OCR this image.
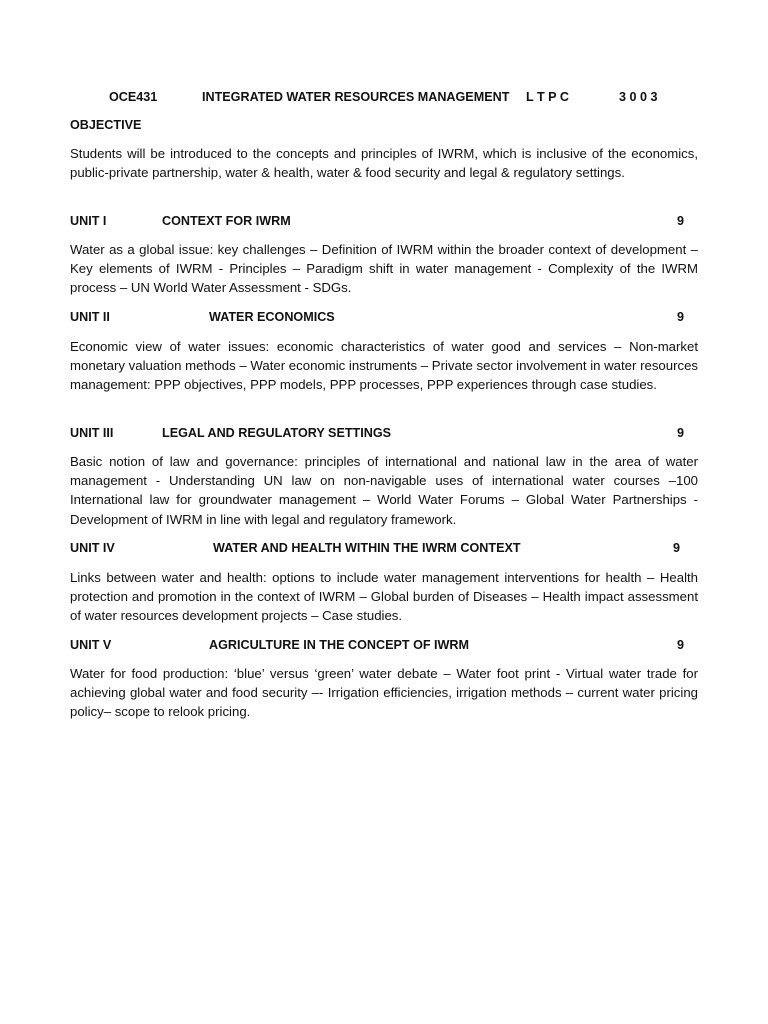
OCE431	INTEGRATED WATER RESOURCES MANAGEMENT L T P C	3 0 0 3
OBJECTIVE

Students will be introduced to the concepts and principles of IWRM, which is inclusive of the economics, public-private partnership, water & health, water & food security and legal & regulatory settings.

UNIT I	CONTEXT FOR IWRM	9

Water as a global issue: key challenges – Definition of IWRM within the broader context of development – Key elements of IWRM - Principles – Paradigm shift in water management - Complexity of the IWRM process – UN World Water Assessment - SDGs.

UNIT II	WATER ECONOMICS	9

Economic view of water issues: economic characteristics of water good and services – Non-market monetary valuation methods – Water economic instruments – Private sector involvement in water resources management: PPP objectives, PPP models, PPP processes, PPP experiences through case studies.

UNIT III	LEGAL AND REGULATORY SETTINGS	9

Basic notion of law and governance: principles of international and national law in the area of water management - Understanding UN law on non-navigable uses of international water courses –100 International law for groundwater management – World Water Forums – Global Water Partnerships - Development of IWRM in line with legal and regulatory framework.

UNIT IV	WATER AND HEALTH WITHIN THE IWRM CONTEXT	9

Links between water and health: options to include water management interventions for health – Health protection and promotion in the context of IWRM – Global burden of Diseases – Health impact assessment of water resources development projects – Case studies.

UNIT V	AGRICULTURE IN THE CONCEPT OF IWRM	9

Water for food production: ‘blue’ versus ‘green’ water debate – Water foot print - Virtual water trade for achieving global water and food security –- Irrigation efficiencies, irrigation methods – current water pricing policy– scope to relook pricing.
